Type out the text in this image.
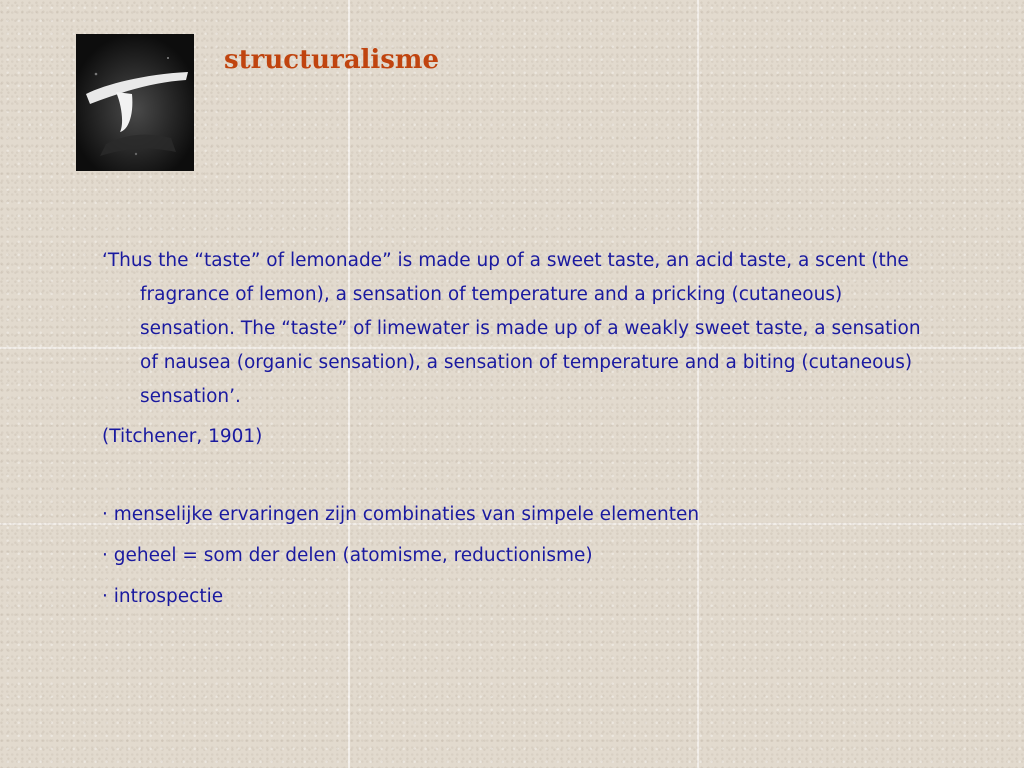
structuralisme

‘Thus the “taste” of lemonade” is made up of a sweet taste, an acid taste, a scent (the fragrance of lemon), a sensation of temperature and a pricking (cutaneous) sensation. The “taste” of limewater is made up of a weakly sweet taste, a sensation of nausea (organic sensation), a sensation of temperature and a biting (cutaneous) sensation’.

(Titchener, 1901)

· menselijke ervaringen zijn combinaties van simpele elementen
· geheel = som der delen (atomisme, reductionisme)
· introspectie
